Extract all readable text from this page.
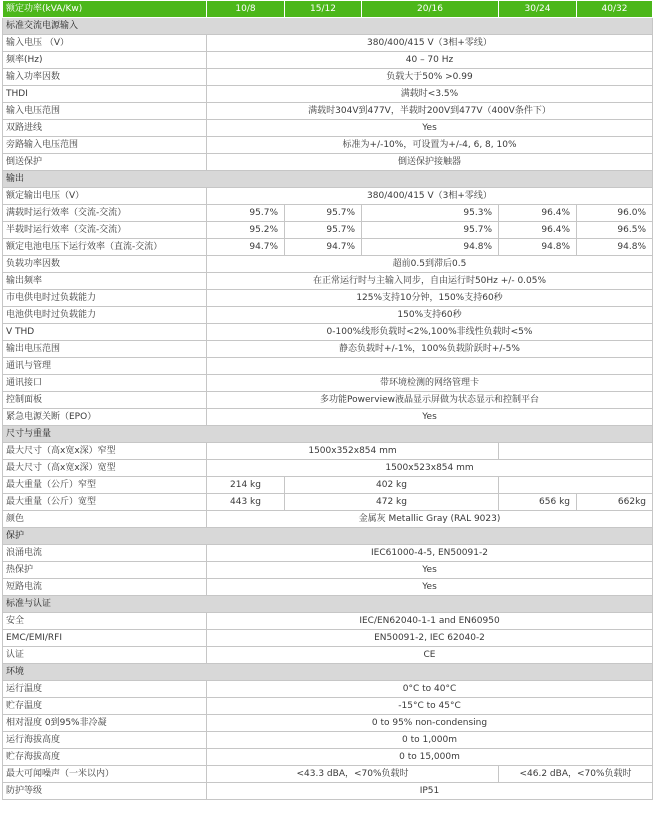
额定功率(kVA/Kw)	10/8	15/12	20/16	30/24	40/32
标准交流电源输入					
输入电压 （V）	380/400/415 V（3相+零线）				
频率(Hz)	40 – 70 Hz				
输入功率因数	负载大于50% >0.99				
THDI	满载时<3.5%				
输入电压范围	满载时304V到477V，半载时200V到477V（400V条件下）				
双路进线	Yes				
旁路输入电压范围	标准为+/-10%，可设置为+/-4, 6, 8, 10%				
倒送保护	倒送保护接触器				
输出					
额定输出电压（V）	380/400/415 V（3相+零线）				
满载时运行效率（交流-交流）	95.7%	95.7%	95.3%	96.4%	96.0%
半载时运行效率（交流-交流）	95.2%	95.7%	95.7%	96.4%	96.5%
额定电池电压下运行效率（直流-交流）	94.7%	94.7%	94.8%	94.8%	94.8%
负载功率因数	超前0.5到滞后0.5				
输出频率	在正常运行时与主输入同步，自由运行时50Hz +/- 0.05%				
市电供电时过负载能力	125%支持10分钟，150%支持60秒				
电池供电时过负载能力	150%支持60秒				
V THD	0-100%线形负载时<2%,100%非线性负载时<5%				
输出电压范围	静态负载时+/-1%，100%负载阶跃时+/-5%				
通讯与管理					
通讯接口	带环境检测的网络管理卡				
控制面板	多功能Powerview液晶显示屏做为状态显示和控制平台				
紧急电源关断（EPO）	Yes				
尺寸与重量					
最大尺寸（高x宽x深）窄型	1500x352x854 mm				
最大尺寸（高x宽x深）宽型	1500x523x854 mm				
最大重量（公斤）窄型	214 kg	402 kg			
最大重量（公斤）宽型	443 kg	472 kg		656 kg	662kg
颜色	金属灰 Metallic Gray (RAL 9023)				
保护					
浪涌电流	IEC61000-4-5, EN50091-2				
热保护	Yes				
短路电流	Yes				
标准与认证					
安全	IEC/EN62040-1-1 and EN60950				
EMC/EMI/RFI	EN50091-2, IEC 62040-2				
认证	CE				
环境					
运行温度	0°C to 40°C				
贮存温度	-15°C to 45°C				
相对湿度 0到95%非冷凝	0 to 95% non-condensing				
运行海拔高度	0 to 1,000m				
贮存海拔高度	0 to 15,000m				
最大可闻噪声（一米以内）	<43.3 dBA，<70%负载时			<46.2 dBA，<70%负载时	
防护等级	IP51				
